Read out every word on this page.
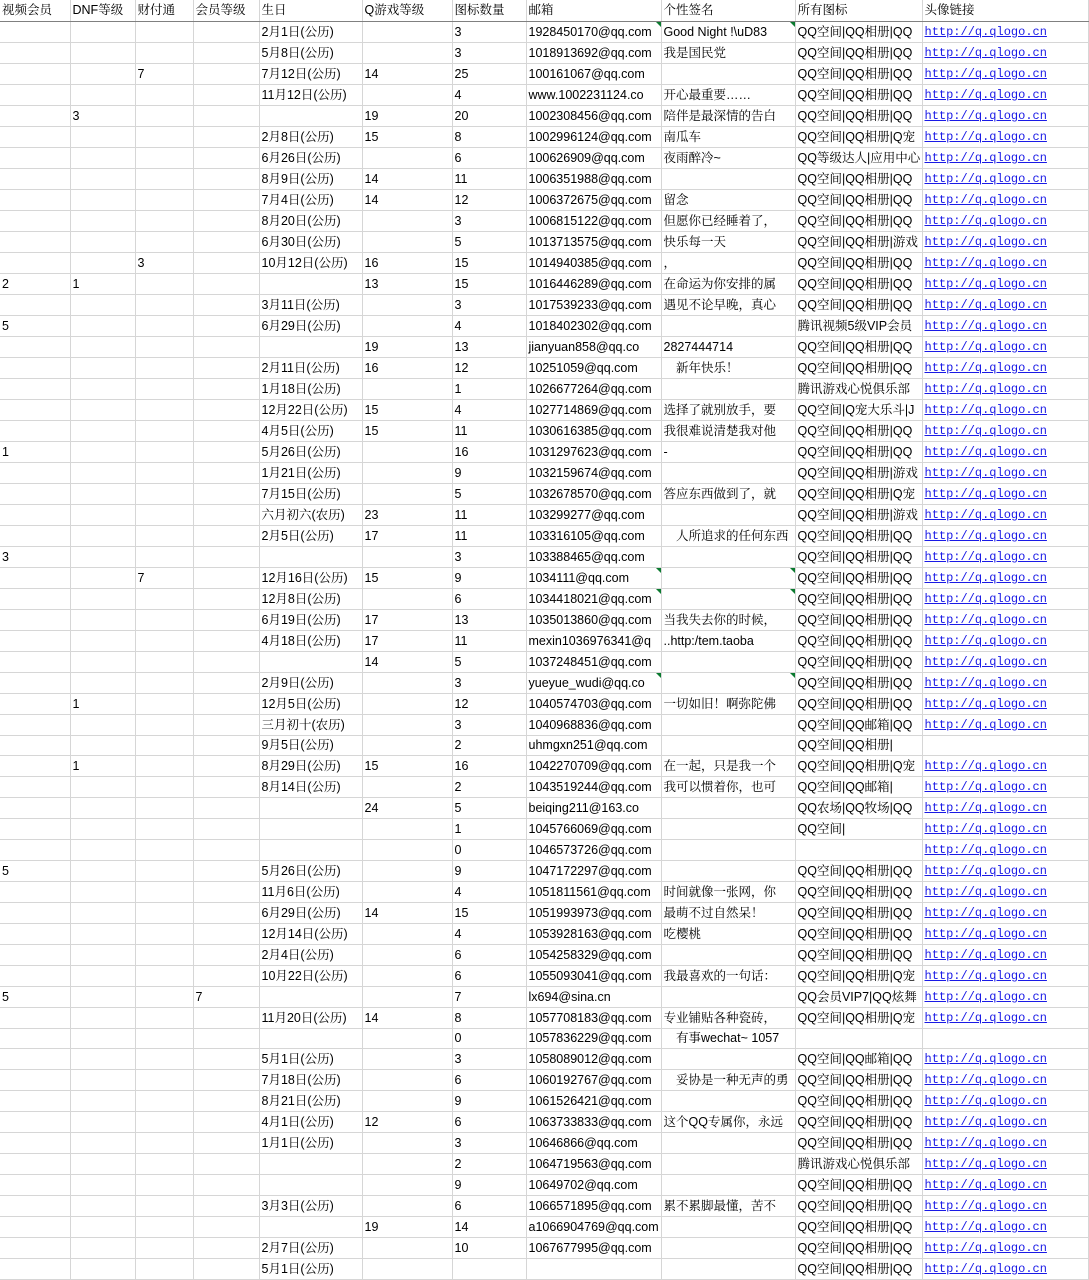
视频会员	DNF等级	财付通	会员等级	生日	Q游戏等级	图标数量	邮箱	个性签名	所有图标	头像链接
				2月1日(公历)		3	1928450170@qq.com	Good Night !\uD83	QQ空间|QQ相册|QQ	http://q.qlogo.cn
				5月8日(公历)		3	1018913692@qq.com	我是国民党	QQ空间|QQ相册|QQ	http://q.qlogo.cn
		7		7月12日(公历)	14	25	100161067@qq.com		QQ空间|QQ相册|QQ	http://q.qlogo.cn
				11月12日(公历)		4	www.1002231124.co	开心最重要……	QQ空间|QQ相册|QQ	http://q.qlogo.cn
	3				19	20	1002308456@qq.com	陪伴是最深情的告白	QQ空间|QQ相册|QQ	http://q.qlogo.cn
				2月8日(公历)	15	8	1002996124@qq.com	南瓜车	QQ空间|QQ相册|Q宠	http://q.qlogo.cn
				6月26日(公历)		6	100626909@qq.com	夜雨醉冷~	QQ等级达人|应用中心	http://q.qlogo.cn
				8月9日(公历)	14	11	1006351988@qq.com		QQ空间|QQ相册|QQ	http://q.qlogo.cn
				7月4日(公历)	14	12	1006372675@qq.com	留念	QQ空间|QQ相册|QQ	http://q.qlogo.cn
				8月20日(公历)		3	1006815122@qq.com	但愿你已经睡着了，	QQ空间|QQ相册|QQ	http://q.qlogo.cn
				6月30日(公历)		5	1013713575@qq.com	快乐每一天	QQ空间|QQ相册|游戏	http://q.qlogo.cn
		3		10月12日(公历)	16	15	1014940385@qq.com	，	QQ空间|QQ相册|QQ	http://q.qlogo.cn
2	1				13	15	1016446289@qq.com	在命运为你安排的属	QQ空间|QQ相册|QQ	http://q.qlogo.cn
				3月11日(公历)		3	1017539233@qq.com	遇见不论早晚，真心	QQ空间|QQ相册|QQ	http://q.qlogo.cn
5				6月29日(公历)		4	1018402302@qq.com		腾讯视频5级VIP会员	http://q.qlogo.cn
					19	13	jianyuan858@qq.co	2827444714	QQ空间|QQ相册|QQ	http://q.qlogo.cn
				2月11日(公历)	16	12	10251059@qq.com	　新年快乐！	QQ空间|QQ相册|QQ	http://q.qlogo.cn
				1月18日(公历)		1	1026677264@qq.com		腾讯游戏心悦俱乐部	http://q.qlogo.cn
				12月22日(公历)	15	4	1027714869@qq.com	选择了就别放手，要	QQ空间|Q宠大乐斗|J	http://q.qlogo.cn
				4月5日(公历)	15	11	1030616385@qq.com	我很难说清楚我对他	QQ空间|QQ相册|QQ	http://q.qlogo.cn
1				5月26日(公历)		16	1031297623@qq.com	-	QQ空间|QQ相册|QQ	http://q.qlogo.cn
				1月21日(公历)		9	1032159674@qq.com		QQ空间|QQ相册|游戏	http://q.qlogo.cn
				7月15日(公历)		5	1032678570@qq.com	答应东西做到了，就	QQ空间|QQ相册|Q宠	http://q.qlogo.cn
				六月初六(农历)	23	11	103299277@qq.com		QQ空间|QQ相册|游戏	http://q.qlogo.cn
				2月5日(公历)	17	11	103316105@qq.com	　人所追求的任何东西	QQ空间|QQ相册|QQ	http://q.qlogo.cn
3						3	103388465@qq.com		QQ空间|QQ相册|QQ	http://q.qlogo.cn
		7		12月16日(公历)	15	9	1034111@qq.com		QQ空间|QQ相册|QQ	http://q.qlogo.cn
				12月8日(公历)		6	1034418021@qq.com		QQ空间|QQ相册|QQ	http://q.qlogo.cn
				6月19日(公历)	17	13	1035013860@qq.com	当我失去你的时候，	QQ空间|QQ相册|QQ	http://q.qlogo.cn
				4月18日(公历)	17	11	mexin1036976341@q	..http:/tem.taoba	QQ空间|QQ相册|QQ	http://q.qlogo.cn
					14	5	1037248451@qq.com		QQ空间|QQ相册|QQ	http://q.qlogo.cn
				2月9日(公历)		3	yueyue_wudi@qq.co		QQ空间|QQ相册|QQ	http://q.qlogo.cn
	1			12月5日(公历)		12	1040574703@qq.com	一切如旧！啊弥陀佛	QQ空间|QQ相册|QQ	http://q.qlogo.cn
				三月初十(农历)		3	1040968836@qq.com		QQ空间|QQ邮箱|QQ	http://q.qlogo.cn
				9月5日(公历)		2	uhmgxn251@qq.com		QQ空间|QQ相册|	
	1			8月29日(公历)	15	16	1042270709@qq.com	在一起，只是我一个	QQ空间|QQ相册|Q宠	http://q.qlogo.cn
				8月14日(公历)		2	1043519244@qq.com	我可以惯着你，也可	QQ空间|QQ邮箱|	http://q.qlogo.cn
					24	5	beiqing211@163.co		QQ农场|QQ牧场|QQ	http://q.qlogo.cn
						1	1045766069@qq.com		QQ空间|	http://q.qlogo.cn
						0	1046573726@qq.com			http://q.qlogo.cn
5				5月26日(公历)		9	1047172297@qq.com		QQ空间|QQ相册|QQ	http://q.qlogo.cn
				11月6日(公历)		4	1051811561@qq.com	时间就像一张网，你	QQ空间|QQ相册|QQ	http://q.qlogo.cn
				6月29日(公历)	14	15	1051993973@qq.com	最萌不过自然呆！	QQ空间|QQ相册|QQ	http://q.qlogo.cn
				12月14日(公历)		4	1053928163@qq.com	吃樱桃	QQ空间|QQ相册|QQ	http://q.qlogo.cn
				2月4日(公历)		6	1054258329@qq.com		QQ空间|QQ相册|QQ	http://q.qlogo.cn
				10月22日(公历)		6	1055093041@qq.com	我最喜欢的一句话：	QQ空间|QQ相册|Q宠	http://q.qlogo.cn
5			7			7	lx694@sina.cn		QQ会员VIP7|QQ炫舞	http://q.qlogo.cn
				11月20日(公历)	14	8	1057708183@qq.com	专业铺贴各种瓷砖，	QQ空间|QQ相册|Q宠	http://q.qlogo.cn
						0	1057836229@qq.com	　有事wechat~ 1057		
				5月1日(公历)		3	1058089012@qq.com		QQ空间|QQ邮箱|QQ	http://q.qlogo.cn
				7月18日(公历)		6	1060192767@qq.com	　妥协是一种无声的勇	QQ空间|QQ相册|QQ	http://q.qlogo.cn
				8月21日(公历)		9	1061526421@qq.com		QQ空间|QQ相册|QQ	http://q.qlogo.cn
				4月1日(公历)	12	6	1063733833@qq.com	这个QQ专属你，永远	QQ空间|QQ相册|QQ	http://q.qlogo.cn
				1月1日(公历)		3	10646866@qq.com		QQ空间|QQ相册|QQ	http://q.qlogo.cn
						2	1064719563@qq.com		腾讯游戏心悦俱乐部	http://q.qlogo.cn
						9	10649702@qq.com		QQ空间|QQ相册|QQ	http://q.qlogo.cn
				3月3日(公历)		6	1066571895@qq.com	累不累脚最懂，苦不	QQ空间|QQ相册|QQ	http://q.qlogo.cn
					19	14	a1066904769@qq.com		QQ空间|QQ相册|QQ	http://q.qlogo.cn
				2月7日(公历)		10	1067677995@qq.com		QQ空间|QQ相册|QQ	http://q.qlogo.cn
				5月1日(公历)					QQ空间|QQ相册|QQ	http://q.qlogo.cn
